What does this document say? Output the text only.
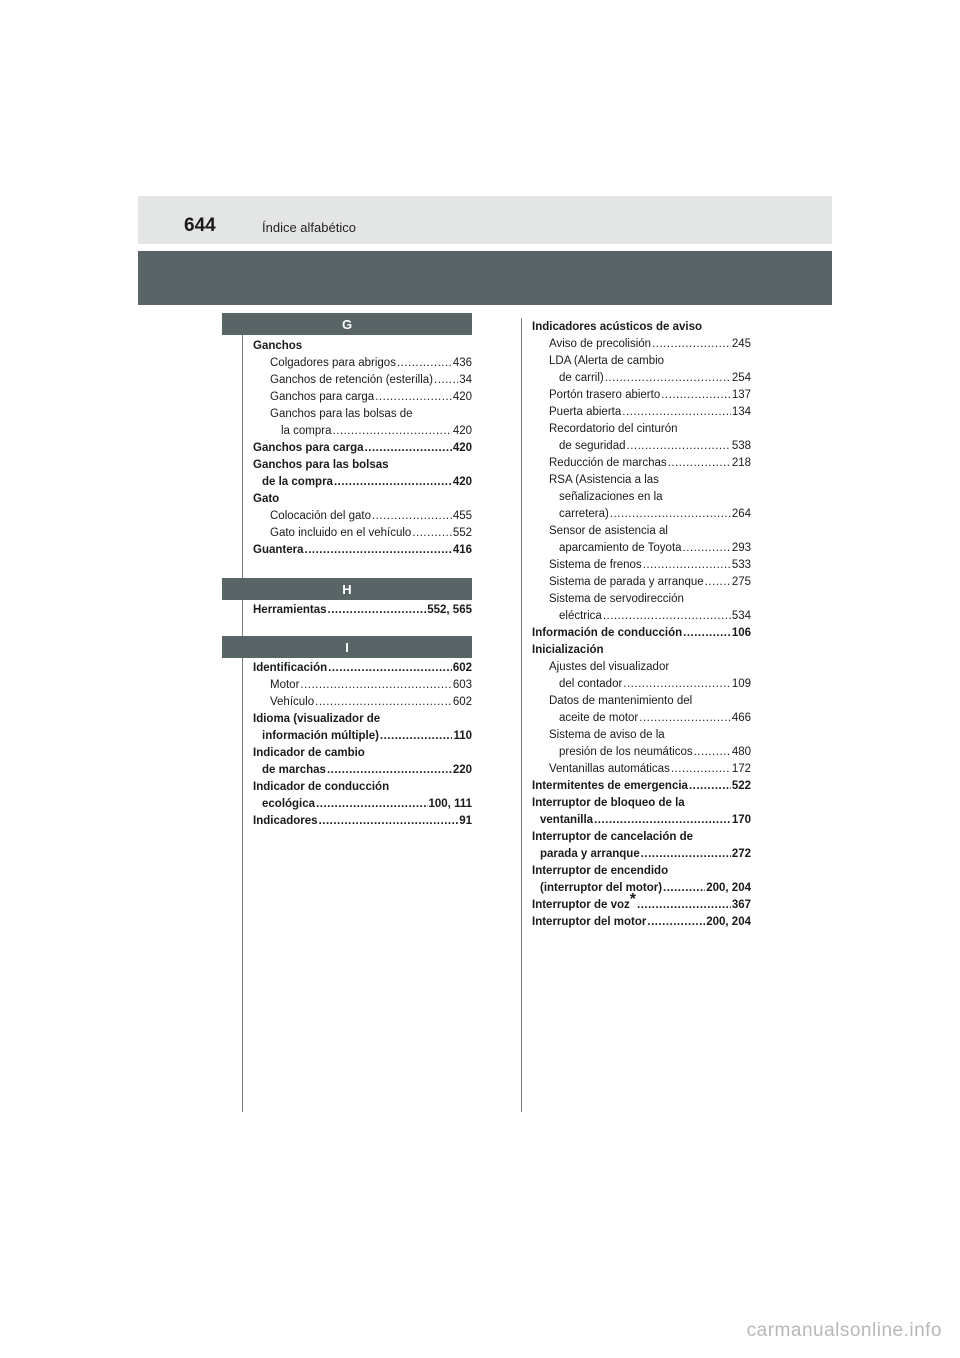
644	Índice alfabético
G
H
I
Ganchos
Colgadores para abrigos .....	436
Ganchos de retención (esterilla) ..... 34
Ganchos para carga .....	420
Ganchos para las bolsas de
la compra .....	420
Ganchos para carga .....	420
Ganchos para las bolsas
de la compra .....	420
Gato
Colocación del gato .....	455
Gato incluido en el vehículo .....	552
Guantera .....	416
Herramientas .....	552, 565
Identificación .....	602
Motor .....	603
Vehículo .....	602
Idioma (visualizador de
información múltiple) .....	110
Indicador de cambio
de marchas .....	220
Indicador de conducción
ecológica .....	100, 111
Indicadores .....	91
Indicadores acústicos de aviso
Aviso de precolisión .....	245
LDA (Alerta de cambio
de carril) .....	254
Portón trasero abierto .....	137
Puerta abierta .....	134
Recordatorio del cinturón
de seguridad .....	538
Reducción de marchas .....	218
RSA (Asistencia a las
señalizaciones en la
carretera) .....	264
Sensor de asistencia al
aparcamiento de Toyota .....	293
Sistema de frenos .....	533
Sistema de parada y arranque ..... 275
Sistema de servodirección
eléctrica .....	534
Información de conducción .....	106
Inicialización
Ajustes del visualizador
del contador .....	109
Datos de mantenimiento del
aceite de motor .....	466
Sistema de aviso de la
presión de los neumáticos .....	480
Ventanillas automáticas .....	172
Intermitentes de emergencia .....	522
Interruptor de bloqueo de la
ventanilla .....	170
Interruptor de cancelación de
parada y arranque .....	272
Interruptor de encendido
(interruptor del motor) .....	200, 204
Interruptor de voz* .....	367
Interruptor del motor .....	200, 204
carmanualsonline.info
